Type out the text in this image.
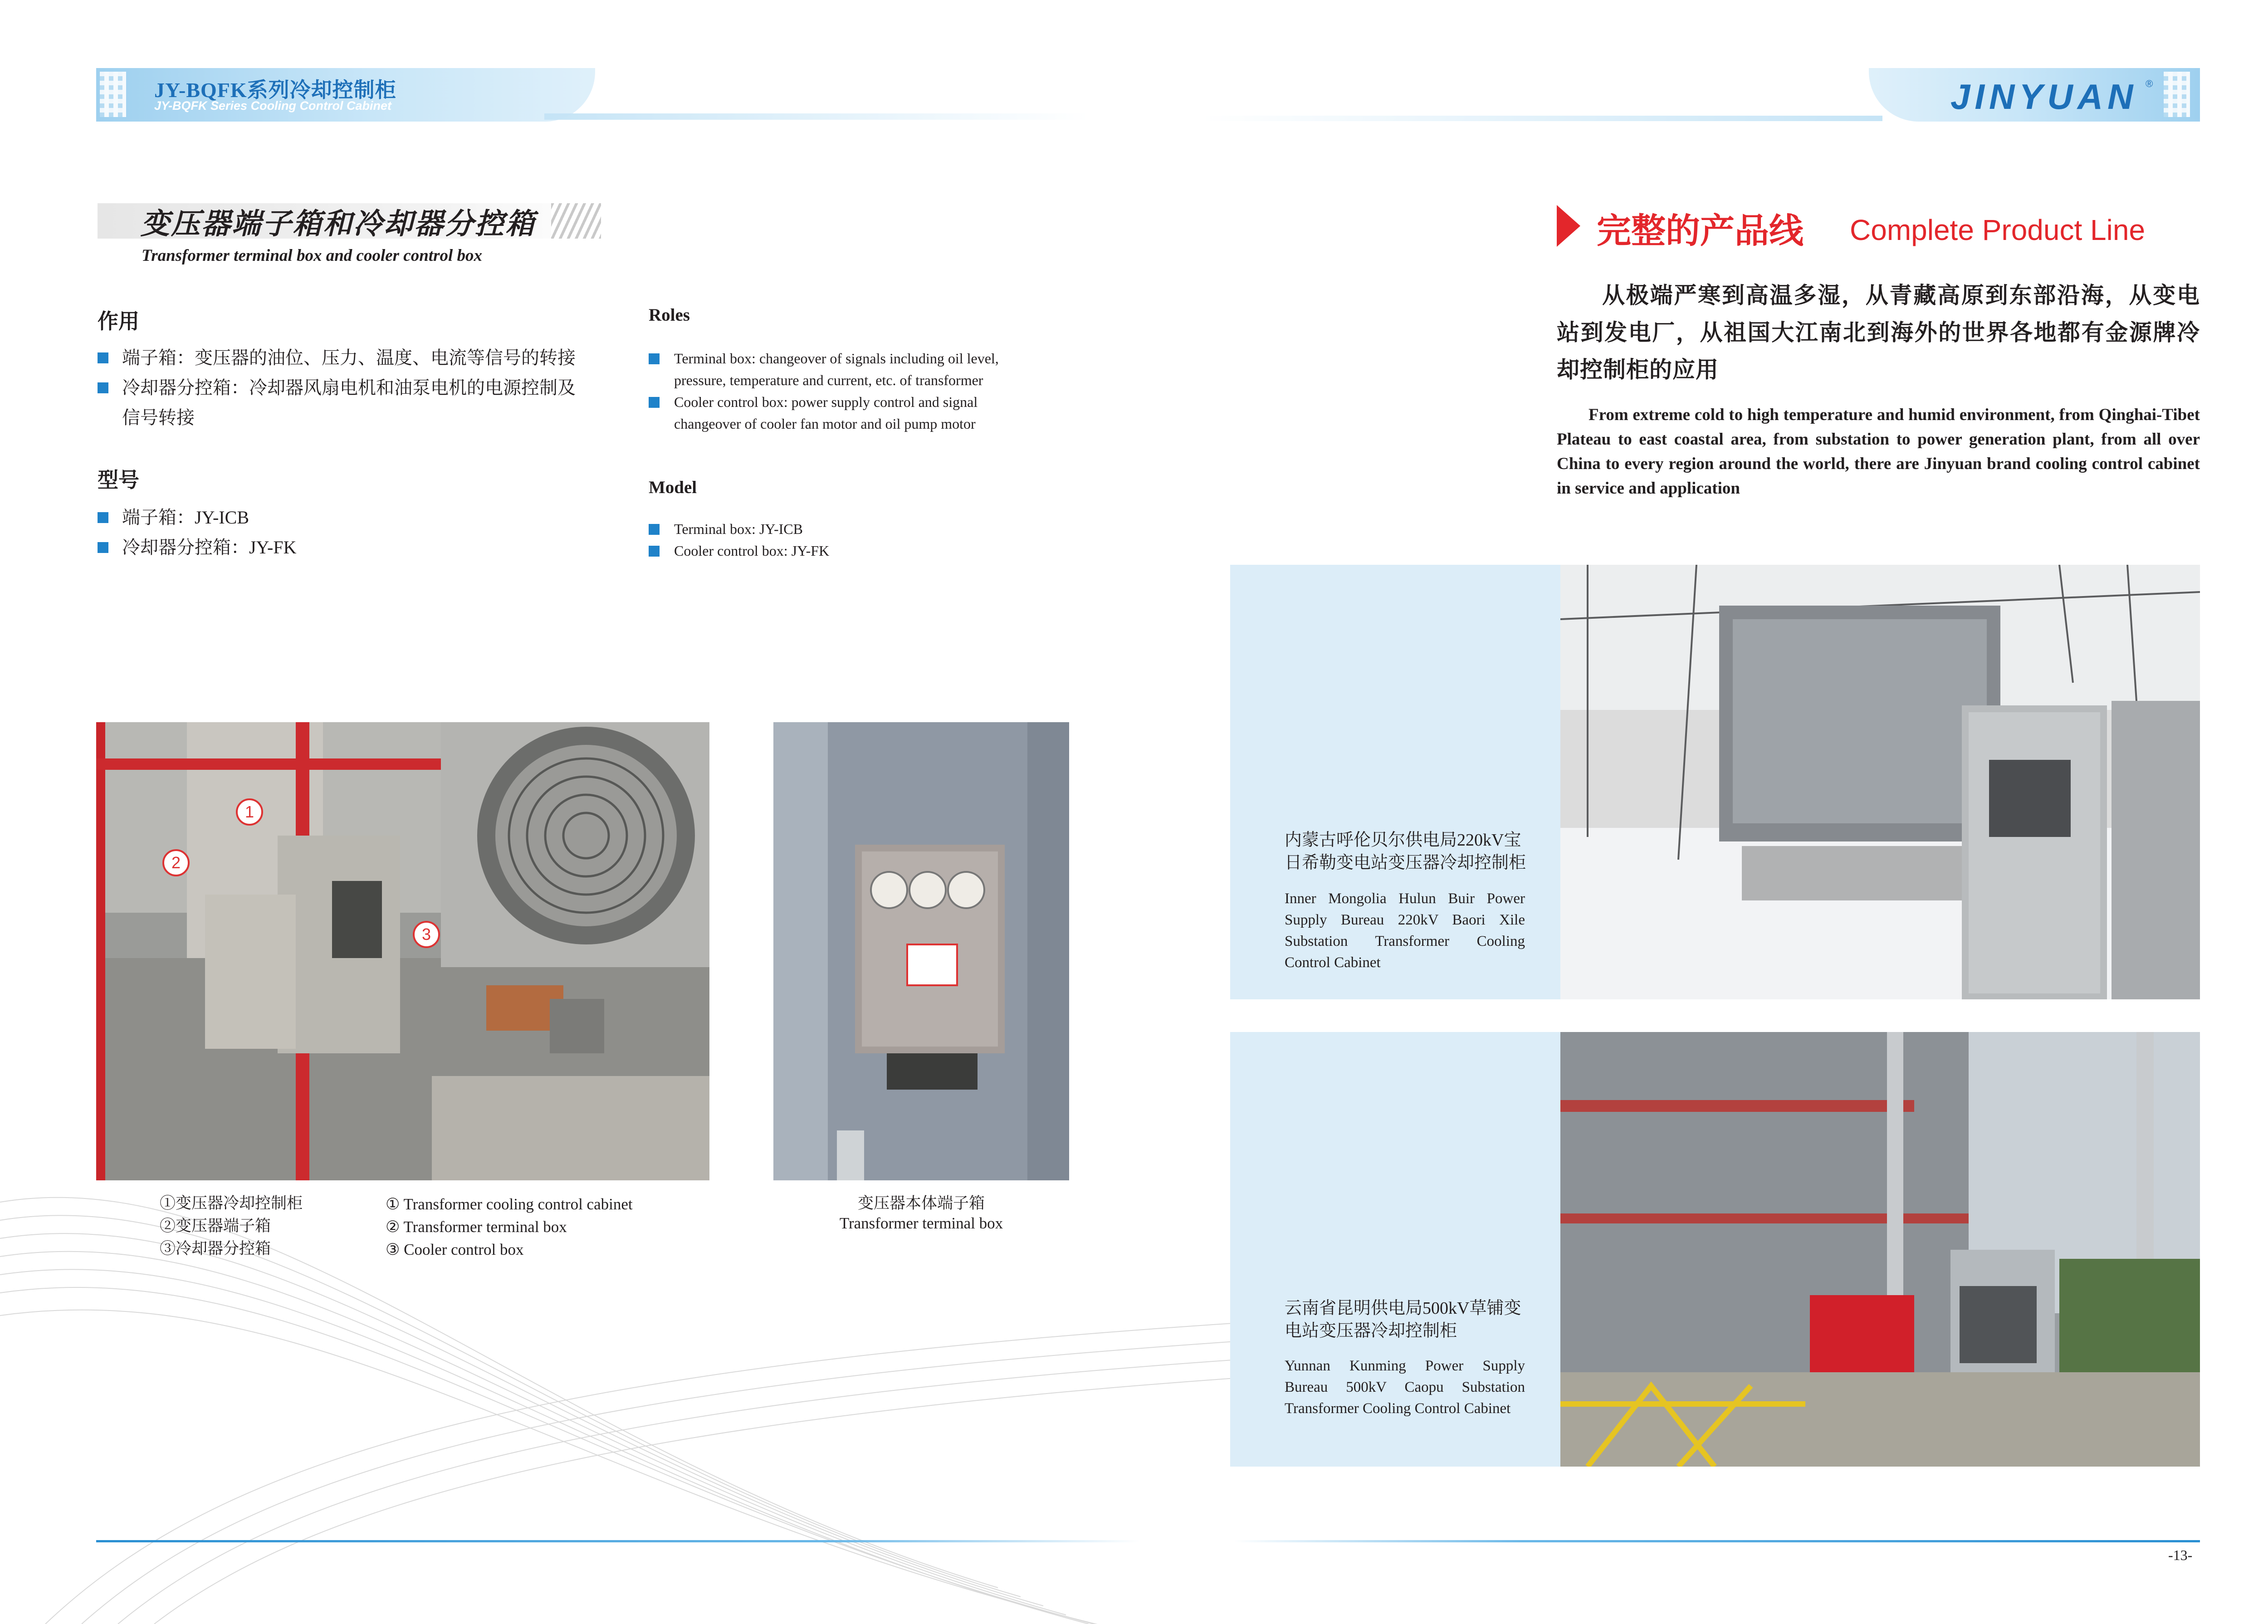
JY-BQFK系列冷却控制柜
JY-BQFK Series Cooling Control Cabinet	JINYUAN ®
变压器端子箱和冷却器分控箱
Transformer terminal box and cooler control box
作用
端子箱：变压器的油位、压力、温度、电流等信号的转接
冷却器分控箱：冷却器风扇电机和油泵电机的电源控制及
信号转接
型号
端子箱：JY-ICB
冷却器分控箱：JY-FK
Roles
Terminal box: changeover of signals including oil level,
pressure, temperature and current, etc. of transformer
Cooler control box: power supply control and signal
changeover of cooler fan motor and oil pump motor
Model
Terminal box: JY-ICB
Cooler control box: JY-FK
1
2
3
①变压器冷却控制柜
②变压器端子箱
③冷却器分控箱
① Transformer cooling control cabinet
② Transformer terminal box
③ Cooler control box
变压器本体端子箱
Transformer terminal box
完整的产品线 Complete Product Line
从极端严寒到高温多湿，从青藏高原到东部沿海，从变电站到发电厂，从祖国大江南北到海外的世界各地都有金源牌冷却控制柜的应用
From extreme cold to high temperature and humid environment, from Qinghai-Tibet Plateau to east coastal area, from substation to power generation plant, from all over China to every region around the world, there are Jinyuan brand cooling control cabinet in service and application
内蒙古呼伦贝尔供电局220kV宝
日希勒变电站变压器冷却控制柜
Inner Mongolia Hulun Buir Power Supply Bureau 220kV Baori Xile Substation Transformer Cooling Control Cabinet
云南省昆明供电局500kV草铺变
电站变压器冷却控制柜
Yunnan Kunming Power Supply Bureau 500kV Caopu Substation Transformer Cooling Control Cabinet
-13-
